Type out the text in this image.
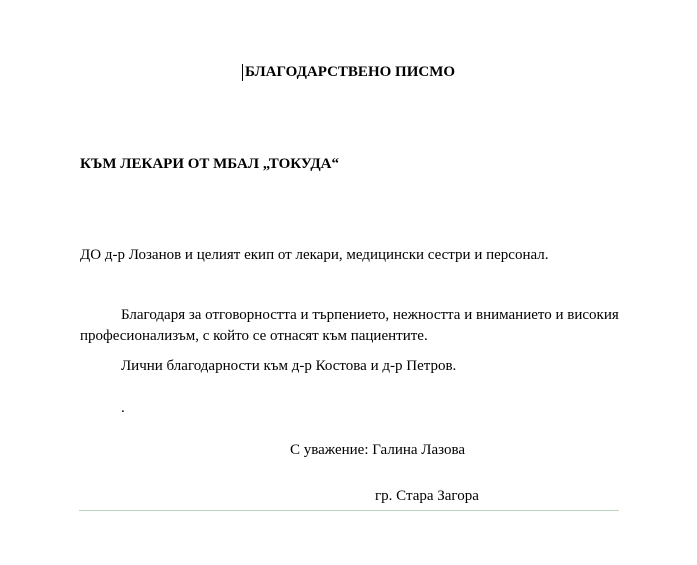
БЛАГОДАРСТВЕНО ПИСМО
КЪМ ЛЕКАРИ ОТ МБАЛ „ТОКУДА“
ДО д-р Лозанов и целият екип от лекари, медицински сестри и персонал.
Благодаря за отговорността и търпението, нежността и вниманието и високия професионализъм, с който се отнасят към пациентите.
Лични благодарности към д-р Костова и д-р Петров.
.
С уважение: Галина Лазова
гр. Стара Загора
